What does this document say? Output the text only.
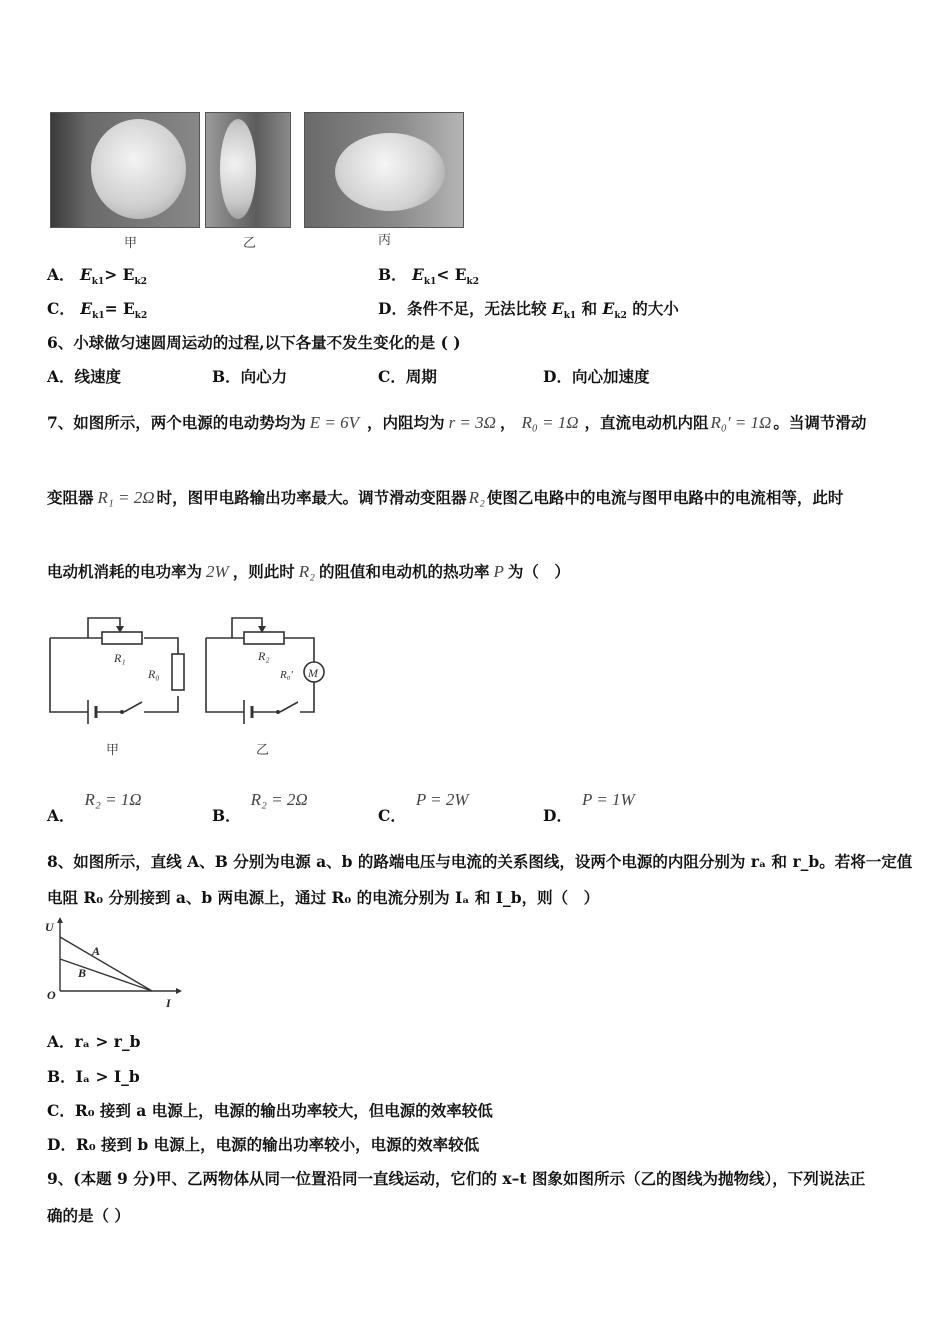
甲	乙	丙
A． $E_{k1}> E_{k2}$	B． $E_{k1}< E_{k2}$
C． $E_{k1}= E_{k2}$	D．条件不足，无法比较 $E_{k1}$ 和 $E_{k2}$ 的大小
6、小球做匀速圆周运动的过程,以下各量不发生变化的是 ( )
A．线速度	B．向心力	C．周期	D．向心加速度
7、如图所示，两个电源的电动势均为 E = 6V ，内阻均为 r = 3Ω ， R₀ = 1Ω ，直流电动机内阻 R₀′ = 1Ω 。当调节滑动
变阻器 R₁ = 2Ω 时，图甲电路输出功率最大。调节滑动变阻器 R₂ 使图乙电路中的电流与图甲电路中的电流相等，此时
电动机消耗的电功率为 2W ，则此时 R₂ 的阻值和电动机的热功率 P 为（　）
R₁
R₀
甲
R₂
R₀′ M
乙
A．R₂ = 1Ω
B．R₂ = 2Ω
C．P = 2W
D．P = 1W
8、如图所示，直线 A、B 分别为电源 a、b 的路端电压与电流的关系图线，设两个电源的内阻分别为 rₐ 和 r_b。若将一定值
电阻 R₀ 分别接到 a、b 两电源上，通过 R₀ 的电流分别为 Iₐ 和 I_b，则（　）
U
I
O
A
B
A．rₐ > r_b
B．Iₐ > I_b
C．R₀ 接到 a 电源上，电源的输出功率较大，但电源的效率较低
D．R₀ 接到 b 电源上，电源的输出功率较小，电源的效率较低
9、(本题 9 分)甲、乙两物体从同一位置沿同一直线运动，它们的 x–t 图象如图所示（乙的图线为抛物线），下列说法正
确的是（ ）
